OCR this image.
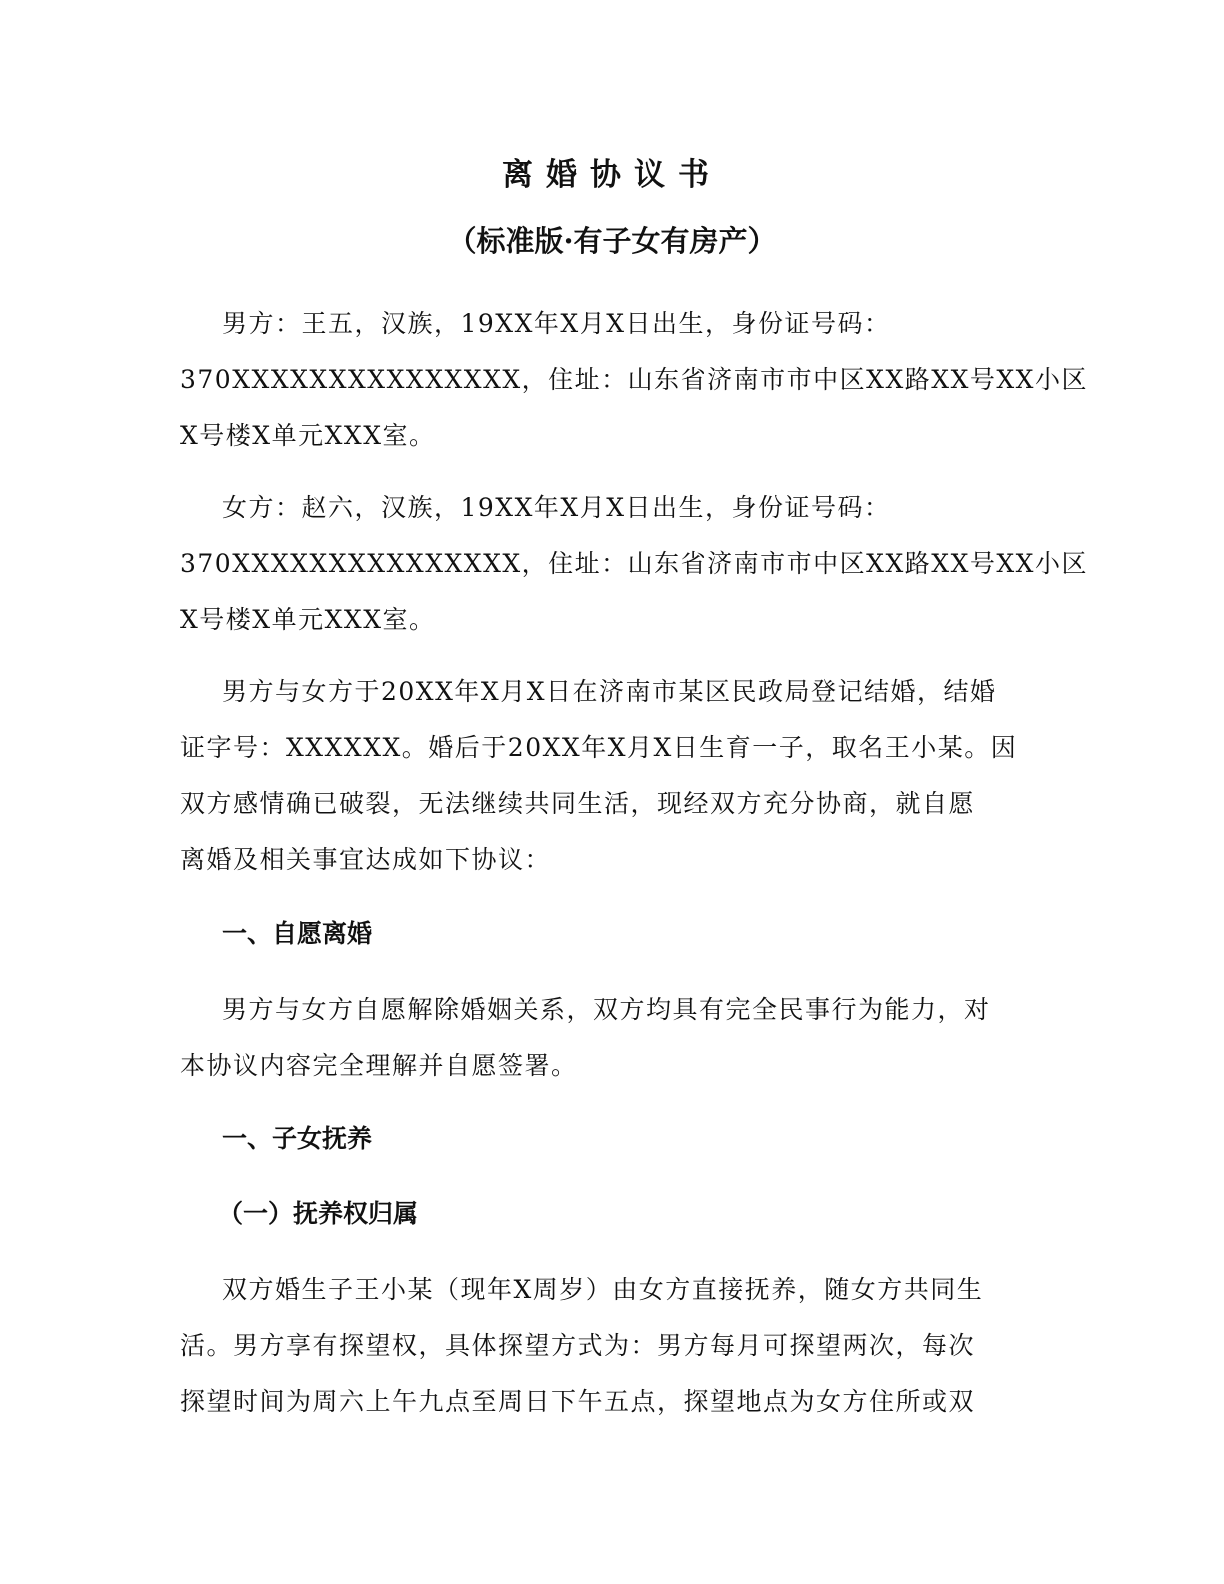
离婚协议书
（标准版·有子女有房产）
男方：王五，汉族，19XX年X月X日出生，身份证号码：
370XXXXXXXXXXXXXXX，住址：山东省济南市市中区XX路XX号XX小区
X号楼X单元XXX室。
女方：赵六，汉族，19XX年X月X日出生，身份证号码：
370XXXXXXXXXXXXXXX，住址：山东省济南市市中区XX路XX号XX小区
X号楼X单元XXX室。
男方与女方于20XX年X月X日在济南市某区民政局登记结婚，结婚
证字号：XXXXXX。婚后于20XX年X月X日生育一子，取名王小某。因
双方感情确已破裂，无法继续共同生活，现经双方充分协商，就自愿
离婚及相关事宜达成如下协议：
一、自愿离婚
男方与女方自愿解除婚姻关系，双方均具有完全民事行为能力，对
本协议内容完全理解并自愿签署。
一、子女抚养
（一）抚养权归属
双方婚生子王小某（现年X周岁）由女方直接抚养，随女方共同生
活。男方享有探望权，具体探望方式为：男方每月可探望两次，每次
探望时间为周六上午九点至周日下午五点，探望地点为女方住所或双
